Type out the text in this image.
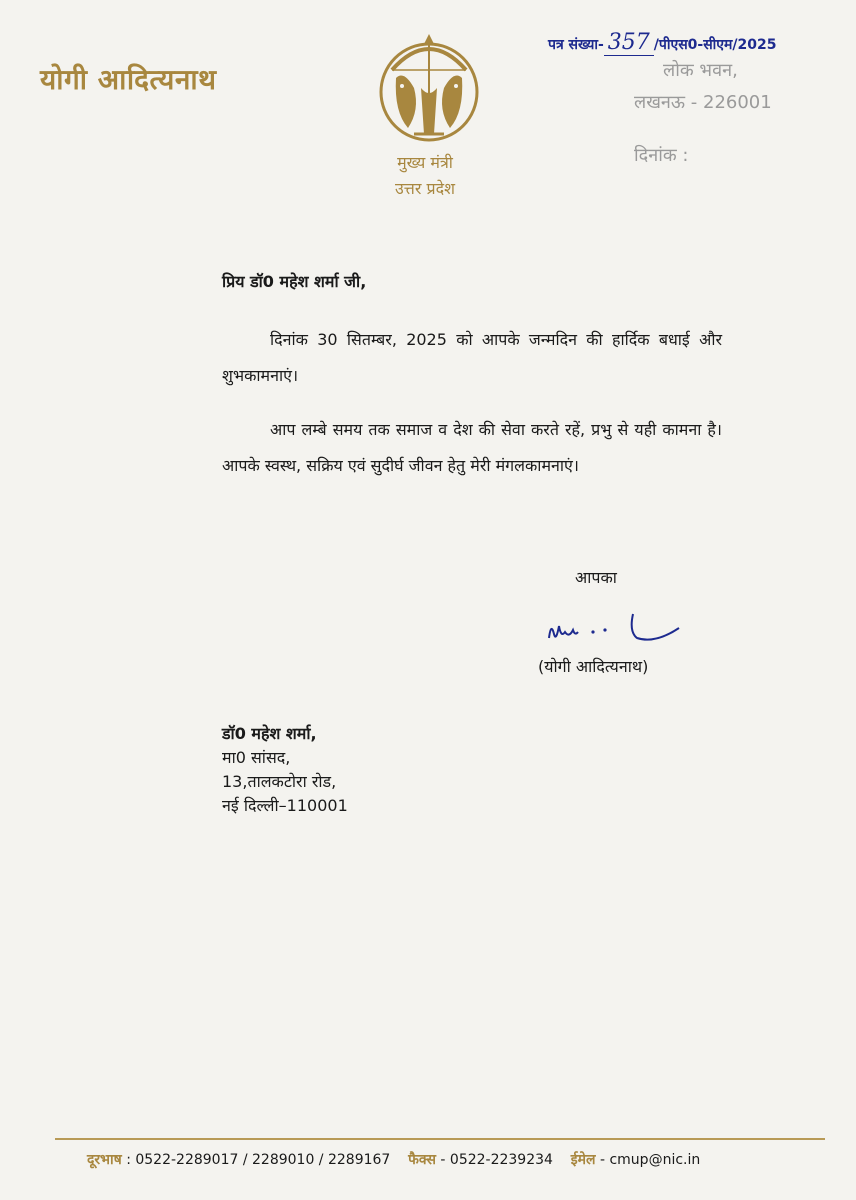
योगी आदित्यनाथ
मुख्य मंत्री
उत्तर प्रदेश
पत्र संख्या- 357 /पीएस0-सीएम/2025
लोक भवन,
लखनऊ - 226001
दिनांक :
प्रिय डॉ0 महेश शर्मा जी,
दिनांक 30 सितम्बर, 2025 को आपके जन्मदिन की हार्दिक बधाई और शुभकामनाएं।
आप लम्बे समय तक समाज व देश की सेवा करते रहें, प्रभु से यही कामना है। आपके स्वस्थ, सक्रिय एवं सुदीर्घ जीवन हेतु मेरी मंगलकामनाएं।
आपका
(योगी आदित्यनाथ)
डॉ0 महेश शर्मा,
मा0 सांसद,
13,तालकटोरा रोड,
नई दिल्ली–110001
दूरभाष : 0522-2289017 / 2289010 / 2289167 फैक्स - 0522-2239234 ईमेल - cmup@nic.in
